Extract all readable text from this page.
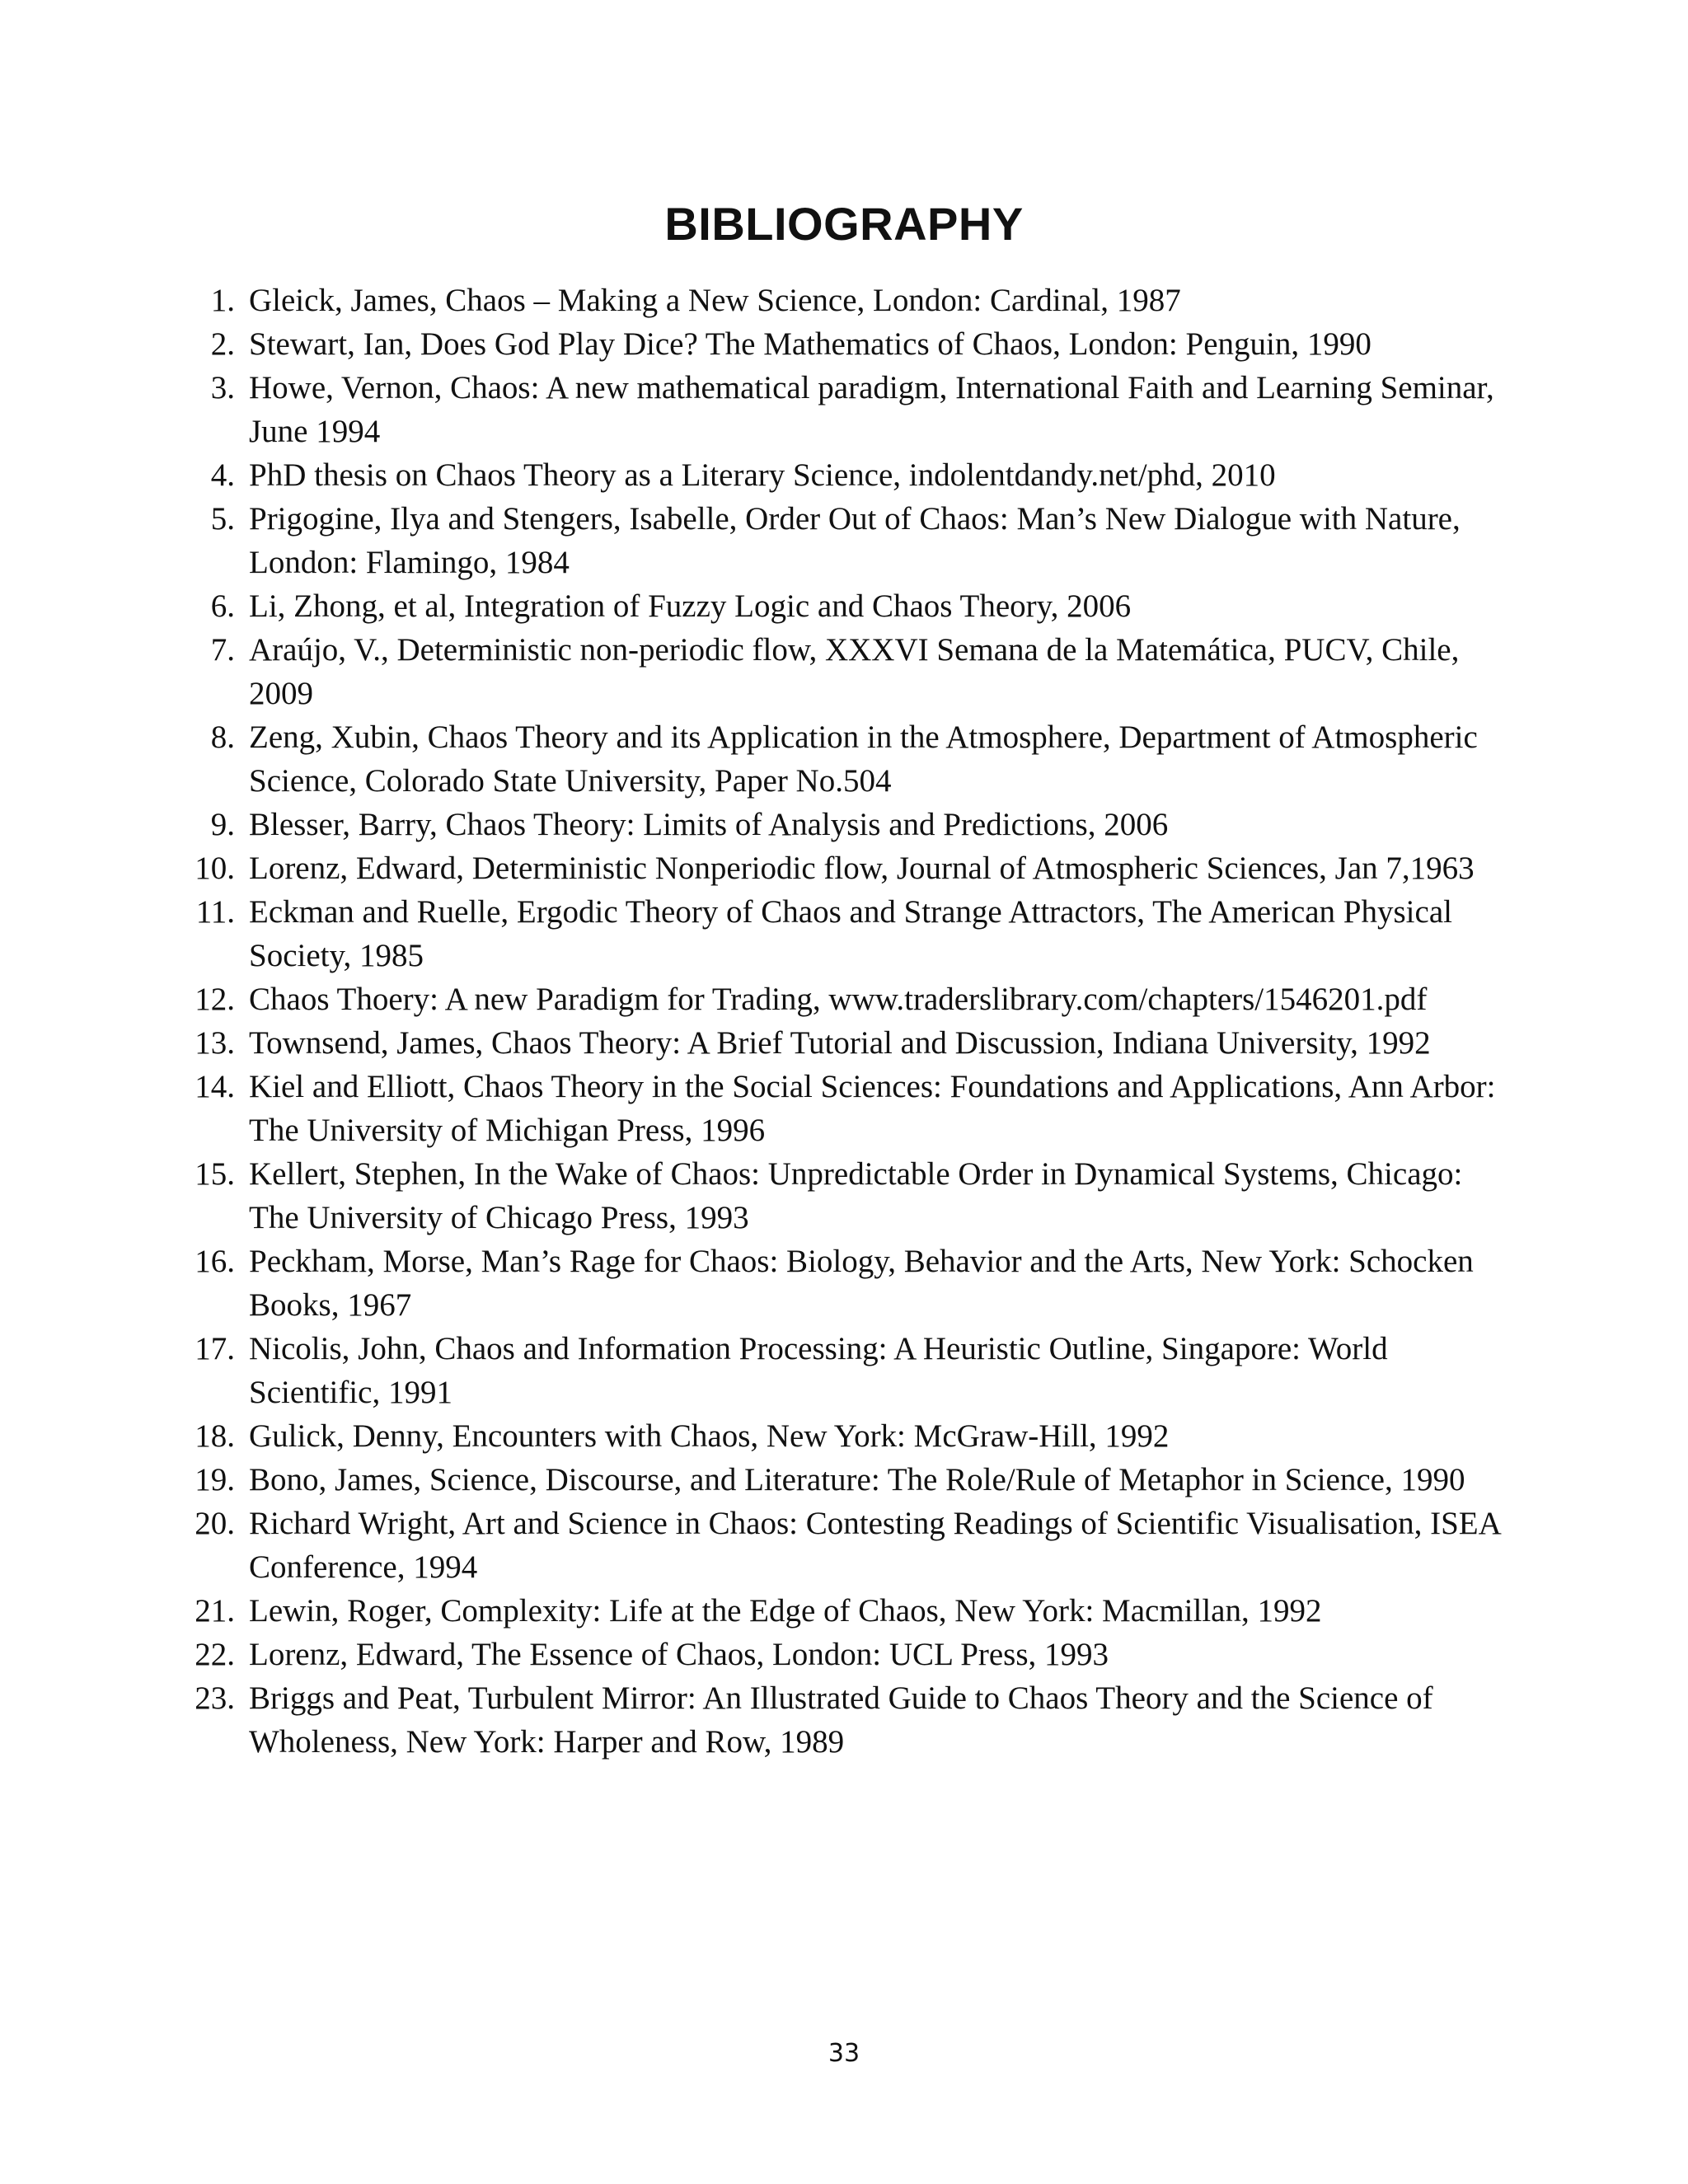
BIBLIOGRAPHY
1. Gleick, James, Chaos – Making a New Science, London: Cardinal, 1987
2. Stewart, Ian, Does God Play Dice? The Mathematics of Chaos, London: Penguin, 1990
3. Howe, Vernon, Chaos: A new mathematical paradigm, International Faith and Learning Seminar, June 1994
4. PhD thesis on Chaos Theory as a Literary Science, indolentdandy.net/phd, 2010
5. Prigogine, Ilya and Stengers, Isabelle, Order Out of Chaos: Man’s New Dialogue with Nature, London: Flamingo, 1984
6. Li, Zhong, et al, Integration of Fuzzy Logic and Chaos Theory, 2006
7. Araújo, V., Deterministic non-periodic flow, XXXVI Semana de la Matemática, PUCV, Chile, 2009
8. Zeng, Xubin, Chaos Theory and its Application in the Atmosphere, Department of Atmospheric Science, Colorado State University, Paper No.504
9. Blesser, Barry, Chaos Theory: Limits of Analysis and Predictions, 2006
10. Lorenz, Edward, Deterministic Nonperiodic flow, Journal of Atmospheric Sciences, Jan 7,1963
11. Eckman and Ruelle, Ergodic Theory of Chaos and Strange Attractors, The American Physical Society, 1985
12. Chaos Thoery: A new Paradigm for Trading, www.traderslibrary.com/chapters/1546201.pdf
13. Townsend, James, Chaos Theory: A Brief Tutorial and Discussion, Indiana University, 1992
14. Kiel and Elliott, Chaos Theory in the Social Sciences: Foundations and Applications, Ann Arbor: The University of Michigan Press, 1996
15. Kellert, Stephen, In the Wake of Chaos: Unpredictable Order in Dynamical Systems, Chicago: The University of Chicago Press, 1993
16. Peckham, Morse, Man’s Rage for Chaos: Biology, Behavior and the Arts, New York: Schocken Books, 1967
17. Nicolis, John, Chaos and Information Processing: A Heuristic Outline, Singapore: World Scientific, 1991
18. Gulick, Denny, Encounters with Chaos, New York: McGraw-Hill, 1992
19. Bono, James, Science, Discourse, and Literature: The Role/Rule of Metaphor in Science, 1990
20. Richard Wright, Art and Science in Chaos: Contesting Readings of Scientific Visualisation, ISEA Conference, 1994
21. Lewin, Roger, Complexity: Life at the Edge of Chaos, New York: Macmillan, 1992
22. Lorenz, Edward, The Essence of Chaos, London: UCL Press, 1993
23. Briggs and Peat, Turbulent Mirror: An Illustrated Guide to Chaos Theory and the Science of Wholeness, New York: Harper and Row, 1989
33
